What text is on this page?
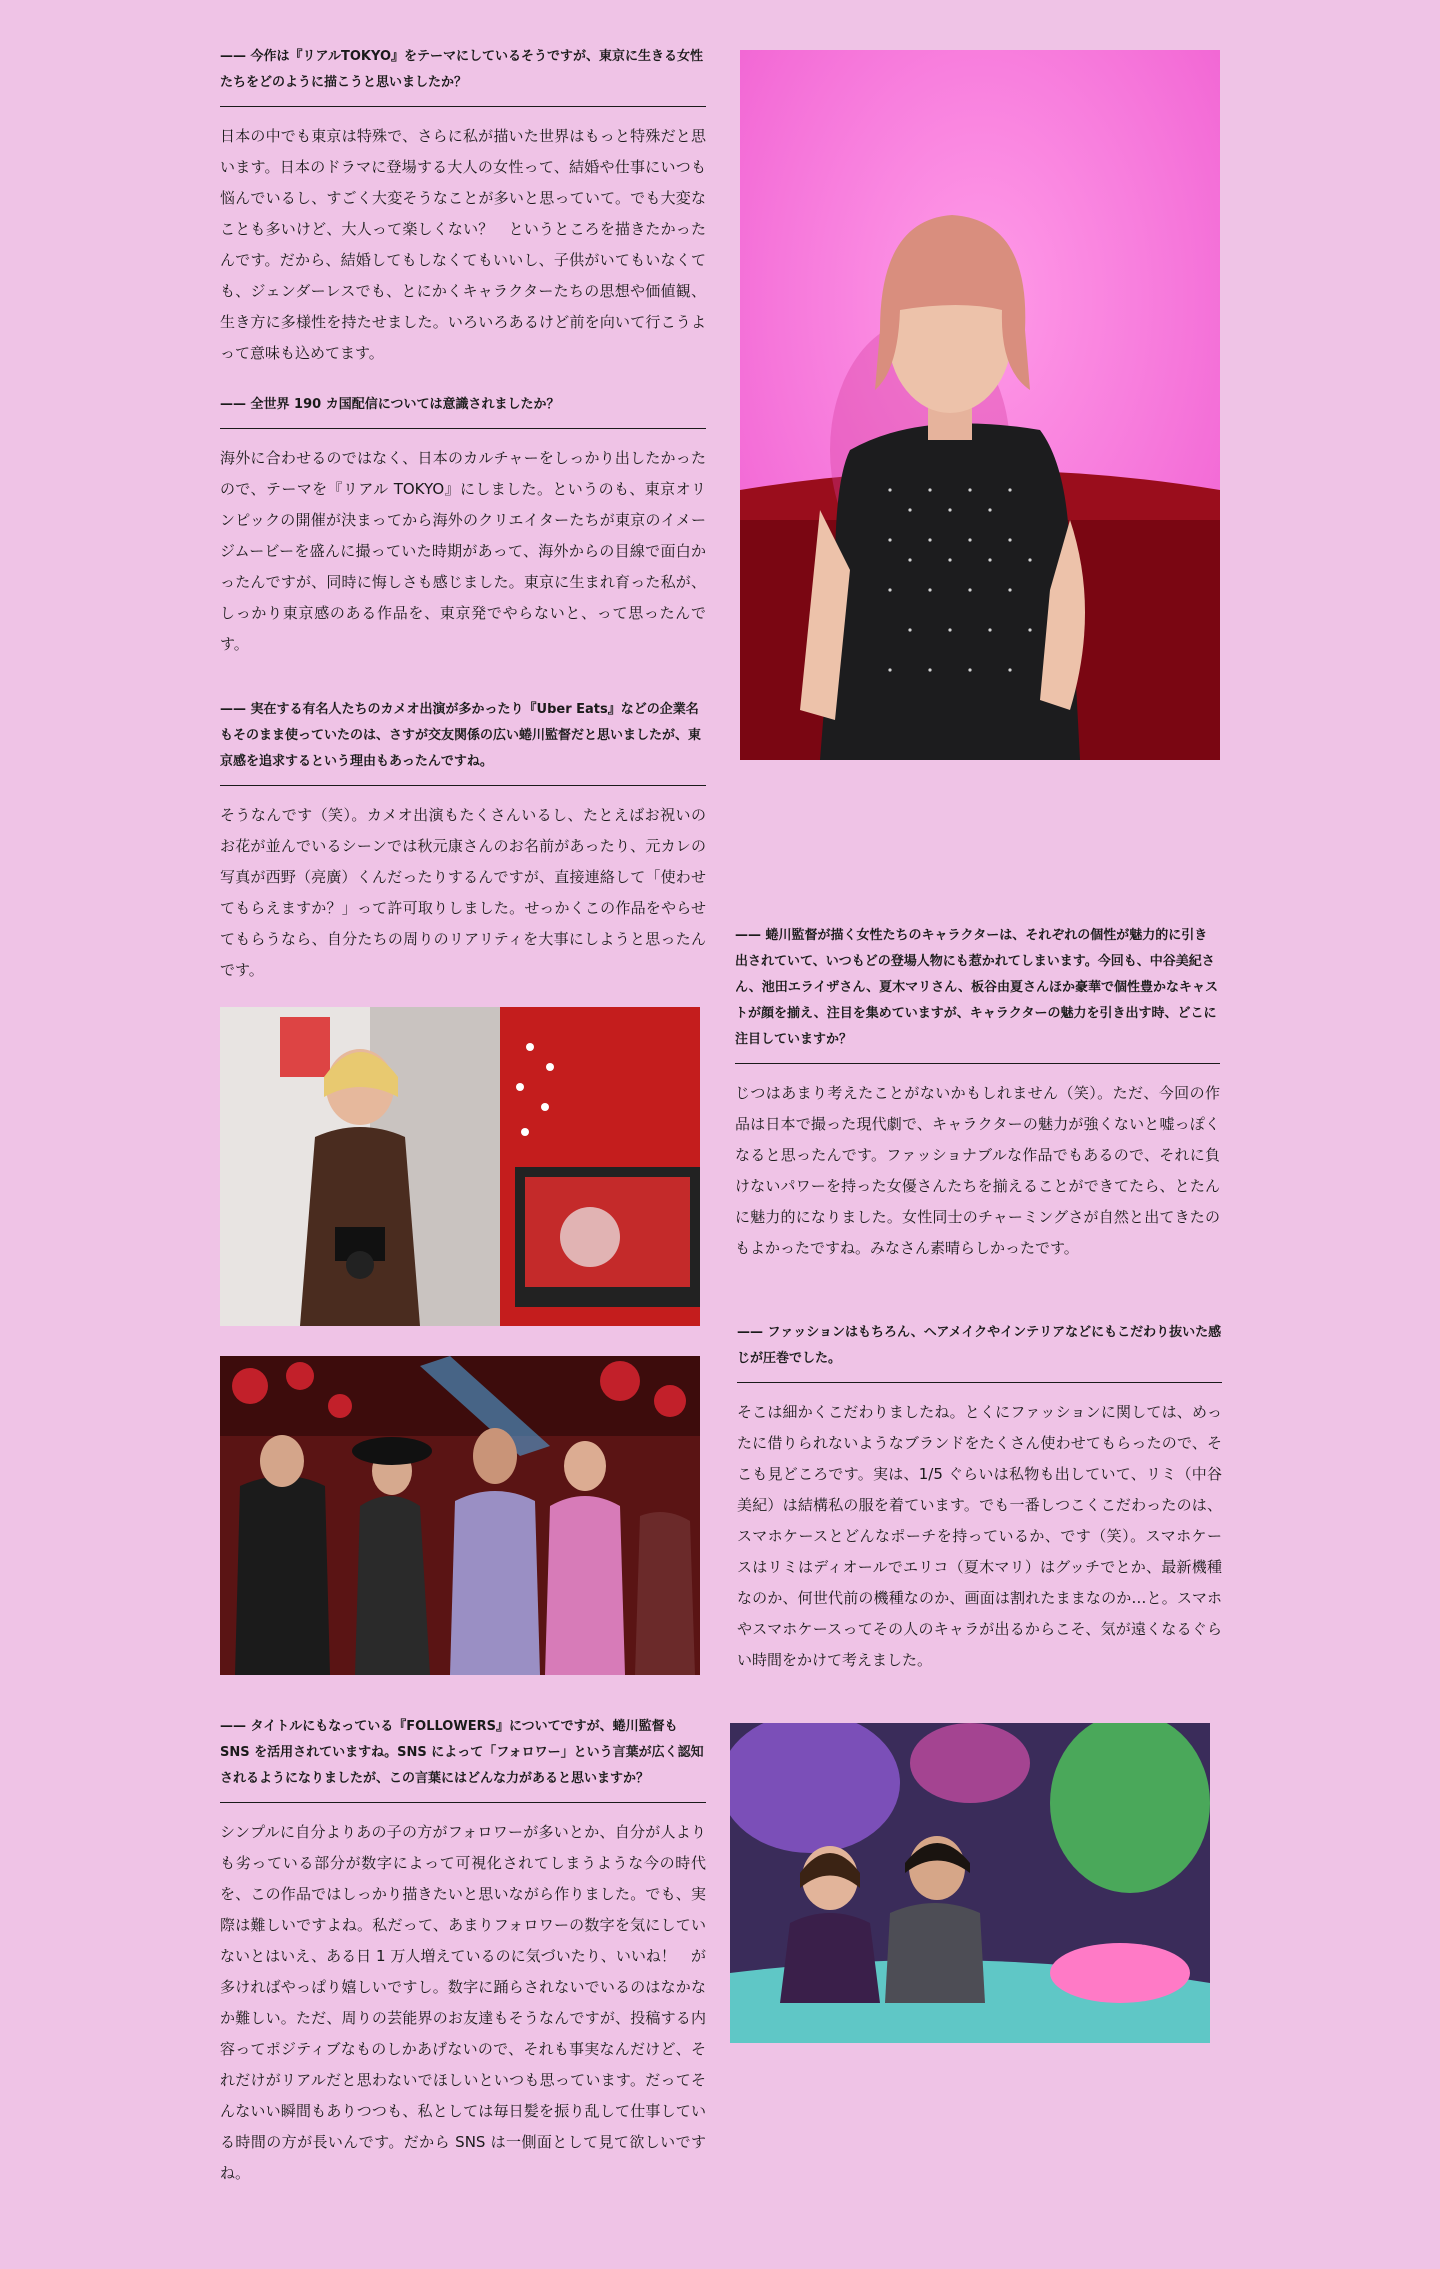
—— 今作は『リアルTOKYO』をテーマにしているそうですが、東京に生きる女性たちをどのように描こうと思いましたか？

日本の中でも東京は特殊で、さらに私が描いた世界はもっと特殊だと思います。日本のドラマに登場する大人の女性って、結婚や仕事にいつも悩んでいるし、すごく大変そうなことが多いと思っていて。でも大変なことも多いけど、大人って楽しくない？　というところを描きたかったんです。だから、結婚してもしなくてもいいし、子供がいてもいなくても、ジェンダーレスでも、とにかくキャラクターたちの思想や価値観、生き方に多様性を持たせました。いろいろあるけど前を向いて行こうよって意味も込めてます。

—— 全世界 190 カ国配信については意識されましたか？

海外に合わせるのではなく、日本のカルチャーをしっかり出したかったので、テーマを『リアル TOKYO』にしました。というのも、東京オリンピックの開催が決まってから海外のクリエイターたちが東京のイメージムービーを盛んに撮っていた時期があって、海外からの目線で面白かったんですが、同時に悔しさも感じました。東京に生まれ育った私が、しっかり東京感のある作品を、東京発でやらないと、って思ったんです。

—— 実在する有名人たちのカメオ出演が多かったり『Uber Eats』などの企業名もそのまま使っていたのは、さすが交友関係の広い蜷川監督だと思いましたが、東京感を追求するという理由もあったんですね。

そうなんです（笑）。カメオ出演もたくさんいるし、たとえばお祝いのお花が並んでいるシーンでは秋元康さんのお名前があったり、元カレの写真が西野（亮廣）くんだったりするんですが、直接連絡して「使わせてもらえますか？」って許可取りしました。せっかくこの作品をやらせてもらうなら、自分たちの周りのリアリティを大事にしようと思ったんです。

—— 蜷川監督が描く女性たちのキャラクターは、それぞれの個性が魅力的に引き出されていて、いつもどの登場人物にも惹かれてしまいます。今回も、中谷美紀さん、池田エライザさん、夏木マリさん、板谷由夏さんほか豪華で個性豊かなキャストが顔を揃え、注目を集めていますが、キャラクターの魅力を引き出す時、どこに注目していますか？

じつはあまり考えたことがないかもしれません（笑）。ただ、今回の作品は日本で撮った現代劇で、キャラクターの魅力が強くないと嘘っぽくなると思ったんです。ファッショナブルな作品でもあるので、それに負けないパワーを持った女優さんたちを揃えることができてたら、とたんに魅力的になりました。女性同士のチャーミングさが自然と出てきたのもよかったですね。みなさん素晴らしかったです。

—— ファッションはもちろん、ヘアメイクやインテリアなどにもこだわり抜いた感じが圧巻でした。

そこは細かくこだわりましたね。とくにファッションに関しては、めったに借りられないようなブランドをたくさん使わせてもらったので、そこも見どころです。実は、1/5 ぐらいは私物も出していて、リミ（中谷美紀）は結構私の服を着ています。でも一番しつこくこだわったのは、スマホケースとどんなポーチを持っているか、です（笑）。スマホケースはリミはディオールでエリコ（夏木マリ）はグッチでとか、最新機種なのか、何世代前の機種なのか、画面は割れたままなのか…と。スマホやスマホケースってその人のキャラが出るからこそ、気が遠くなるぐらい時間をかけて考えました。

—— タイトルにもなっている『FOLLOWERS』についてですが、蜷川監督も SNS を活用されていますね。SNS によって「フォロワー」という言葉が広く認知されるようになりましたが、この言葉にはどんな力があると思いますか？

シンプルに自分よりあの子の方がフォロワーが多いとか、自分が人よりも劣っている部分が数字によって可視化されてしまうような今の時代を、この作品ではしっかり描きたいと思いながら作りました。でも、実際は難しいですよね。私だって、あまりフォロワーの数字を気にしていないとはいえ、ある日 1 万人増えているのに気づいたり、いいね！　が多ければやっぱり嬉しいですし。数字に踊らされないでいるのはなかなか難しい。ただ、周りの芸能界のお友達もそうなんですが、投稿する内容ってポジティブなものしかあげないので、それも事実なんだけど、それだけがリアルだと思わないでほしいといつも思っています。だってそんないい瞬間もありつつも、私としては毎日髪を振り乱して仕事している時間の方が長いんです。だから SNS は一側面として見て欲しいですね。
